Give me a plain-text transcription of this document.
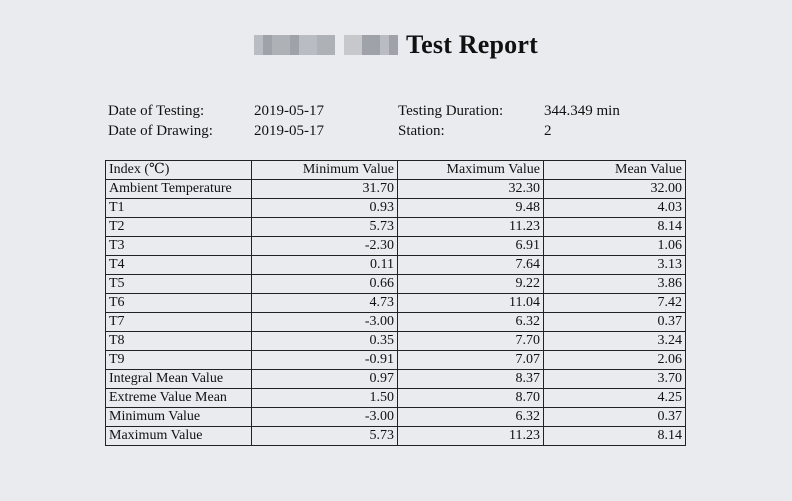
Test Report
Date of Testing:	2019-05-17	Testing Duration:	344.349 min
Date of Drawing:	2019-05-17	Station:	2
Index (℃)	Minimum Value	Maximum Value	Mean Value
Ambient Temperature	31.70	32.30	32.00
T1	0.93	9.48	4.03
T2	5.73	11.23	8.14
T3	-2.30	6.91	1.06
T4	0.11	7.64	3.13
T5	0.66	9.22	3.86
T6	4.73	11.04	7.42
T7	-3.00	6.32	0.37
T8	0.35	7.70	3.24
T9	-0.91	7.07	2.06
Integral Mean Value	0.97	8.37	3.70
Extreme Value Mean	1.50	8.70	4.25
Minimum Value	-3.00	6.32	0.37
Maximum Value	5.73	11.23	8.14
